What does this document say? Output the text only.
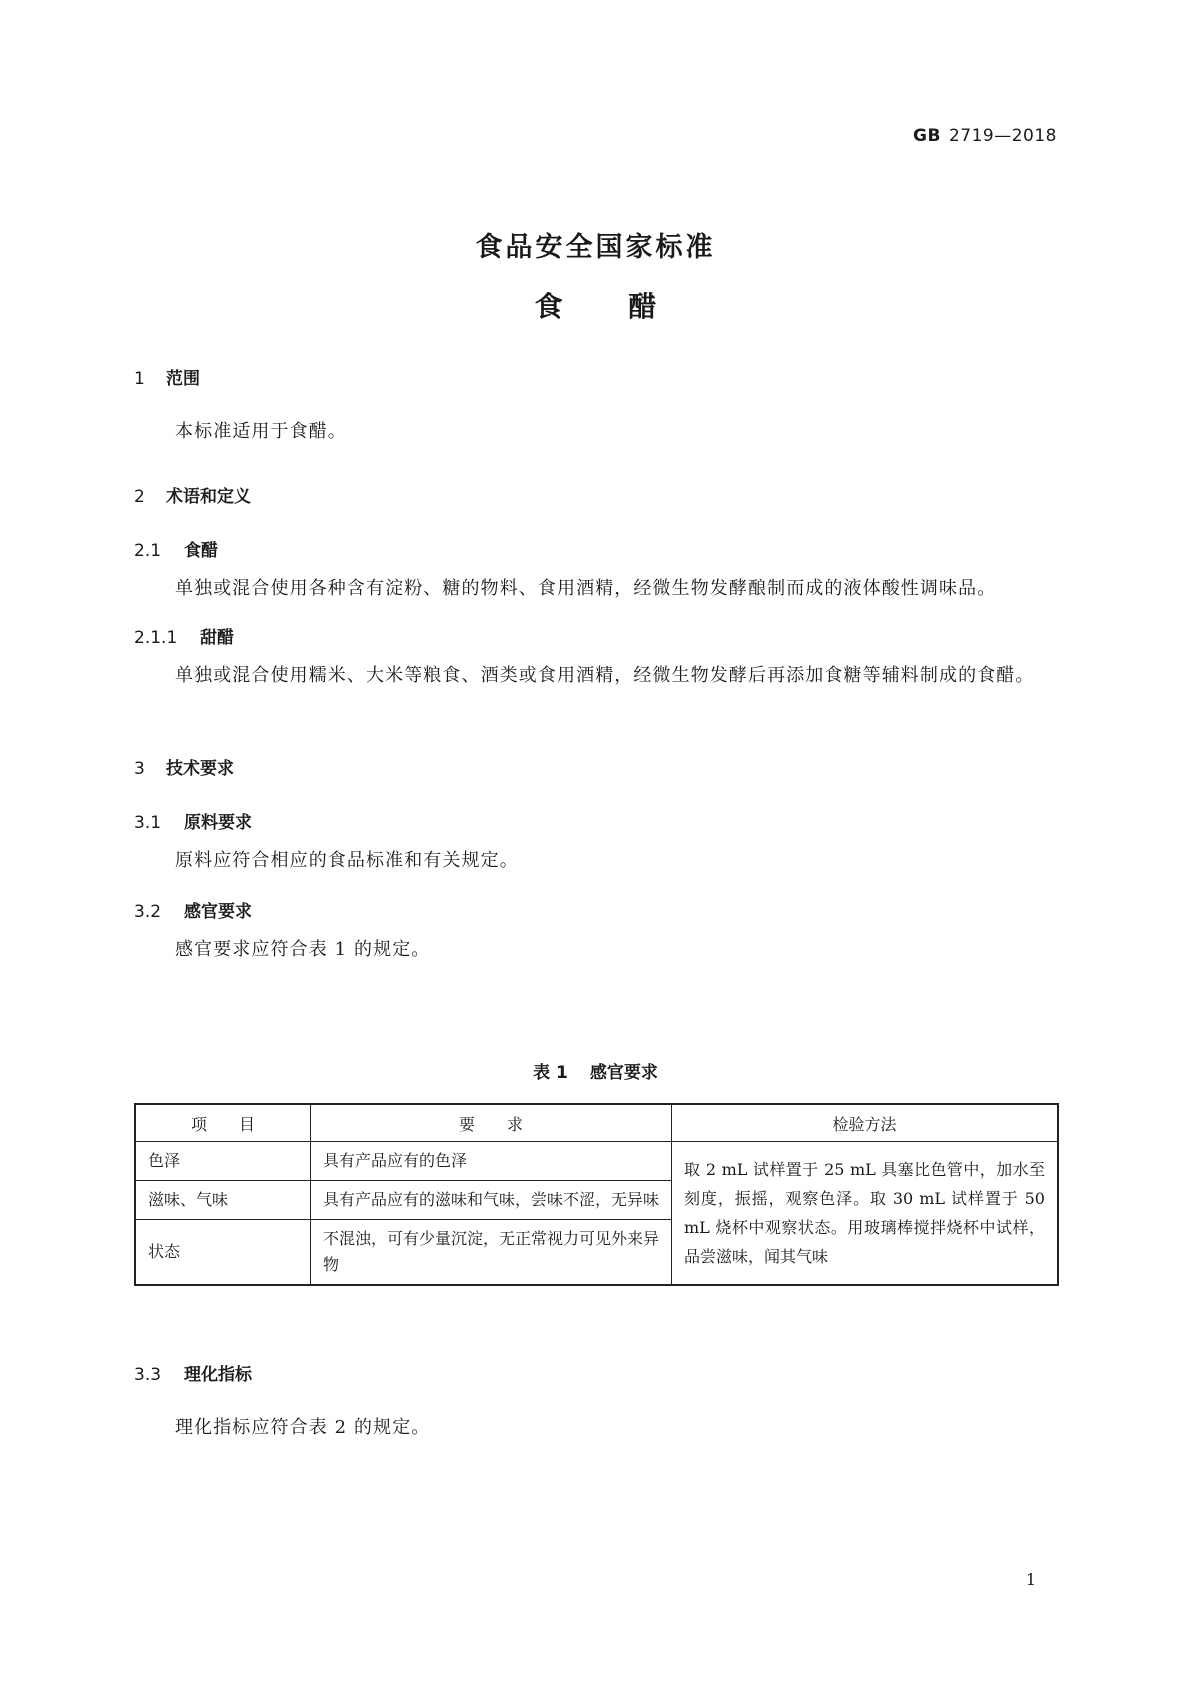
GB 2719—2018
食品安全国家标准
食 醋
1 范围
本标准适用于食醋。
2 术语和定义
2.1 食醋
单独或混合使用各种含有淀粉、糖的物料、食用酒精，经微生物发酵酿制而成的液体酸性调味品。
2.1.1 甜醋
单独或混合使用糯米、大米等粮食、酒类或食用酒精，经微生物发酵后再添加食糖等辅料制成的食醋。
3 技术要求
3.1 原料要求
原料应符合相应的食品标准和有关规定。
3.2 感官要求
感官要求应符合表 1 的规定。
表 1 感官要求
项　　目	要　　求	检验方法
色泽	具有产品应有的色泽	取 2 mL 试样置于 25 mL 具塞比色管中，加水至刻度，振摇，观察色泽。取 30 mL 试样置于 50 mL 烧杯中观察状态。用玻璃棒搅拌烧杯中试样，品尝滋味，闻其气味
滋味、气味	具有产品应有的滋味和气味，尝味不涩，无异味	
状态	不混浊，可有少量沉淀，无正常视力可见外来异物	
3.3 理化指标
理化指标应符合表 2 的规定。
1
